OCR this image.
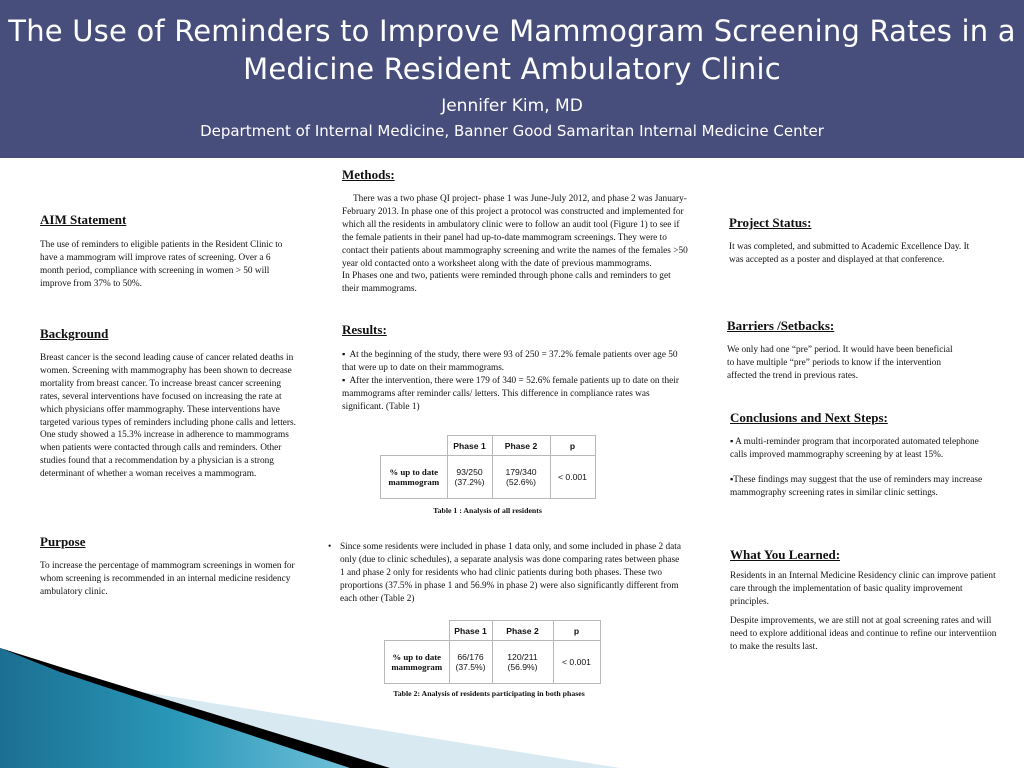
The Use of Reminders to Improve Mammogram Screening Rates in a Medicine Resident Ambulatory Clinic
Jennifer Kim, MD
Department of Internal Medicine, Banner Good Samaritan Internal Medicine Center
AIM Statement
The use of reminders to eligible patients in the Resident Clinic to have a mammogram will improve rates of screening. Over a 6 month period, compliance with screening in women > 50 will improve from 37% to 50%.
Background
Breast cancer is the second leading cause of cancer related deaths in women. Screening with mammography has been shown to decrease mortality from breast cancer. To increase breast cancer screening rates, several interventions have focused on increasing the rate at which physicians offer mammography. These interventions have targeted various types of reminders including phone calls and letters. One study showed a 15.3% increase in adherence to mammograms when patients were contacted through calls and reminders. Other studies found that a recommendation by a physician is a strong determinant of whether a woman receives a mammogram.
Purpose
To increase the percentage of mammogram screenings in women for whom screening is recommended in an internal medicine residency ambulatory clinic.
Methods:

There was a two phase QI project- phase 1 was June-July 2012, and phase 2 was January-February 2013. In phase one of this project a protocol was constructed and implemented for which all the residents in ambulatory clinic were to follow an audit tool (Figure 1) to see if the female patients in their panel had up-to-date mammogram screenings. They were to contact their patients about mammography screening and write the names of the females >50 year old contacted onto a worksheet along with the date of previous mammograms.

In Phases one and two, patients were reminded through phone calls and reminders to get their mammograms.

Results:

▪ At the beginning of the study, there were 93 of 250 = 37.2% female patients over age 50 that were up to date on their mammograms.

▪ After the intervention, there were 179 of 340 = 52.6% female patients up to date on their mammograms after reminder calls/ letters. This difference in compliance rates was significant. (Table 1)

	Phase 1	Phase 2	p
% up to date mammogram	93/250 (37.2%)	179/340 (52.6%)	< 0.001
Table 1 : Analysis of all residents
• Since some residents were included in phase 1 data only, and some included in phase 2 data only (due to clinic schedules), a separate analysis was done comparing rates between phase 1 and phase 2 only for residents who had clinic patients during both phases. These two proportions (37.5% in phase 1 and 56.9% in phase 2) were also significantly different from each other (Table 2)
	Phase 1	Phase 2	p
% up to date mammogram	66/176 (37.5%)	120/211 (56.9%)	< 0.001
Table 2: Analysis of residents participating in both phases
Project Status:
It was completed, and submitted to Academic Excellence Day. It was accepted as a poster and displayed at that conference.
Barriers /Setbacks:
We only had one “pre” period. It would have been beneficial to have multiple “pre” periods to know if the intervention affected the trend in previous rates.
Conclusions and Next Steps:

▪ A multi-reminder program that incorporated automated telephone calls improved mammography screening by at least 15%.

▪These findings may suggest that the use of reminders may increase mammography screening rates in similar clinic settings.

What You Learned:

Residents in an Internal Medicine Residency clinic can improve patient care through the implementation of basic quality improvement principles.

Despite improvements, we are still not at goal screening rates and will need to explore additional ideas and continue to refine our interventiion to make the results last.
